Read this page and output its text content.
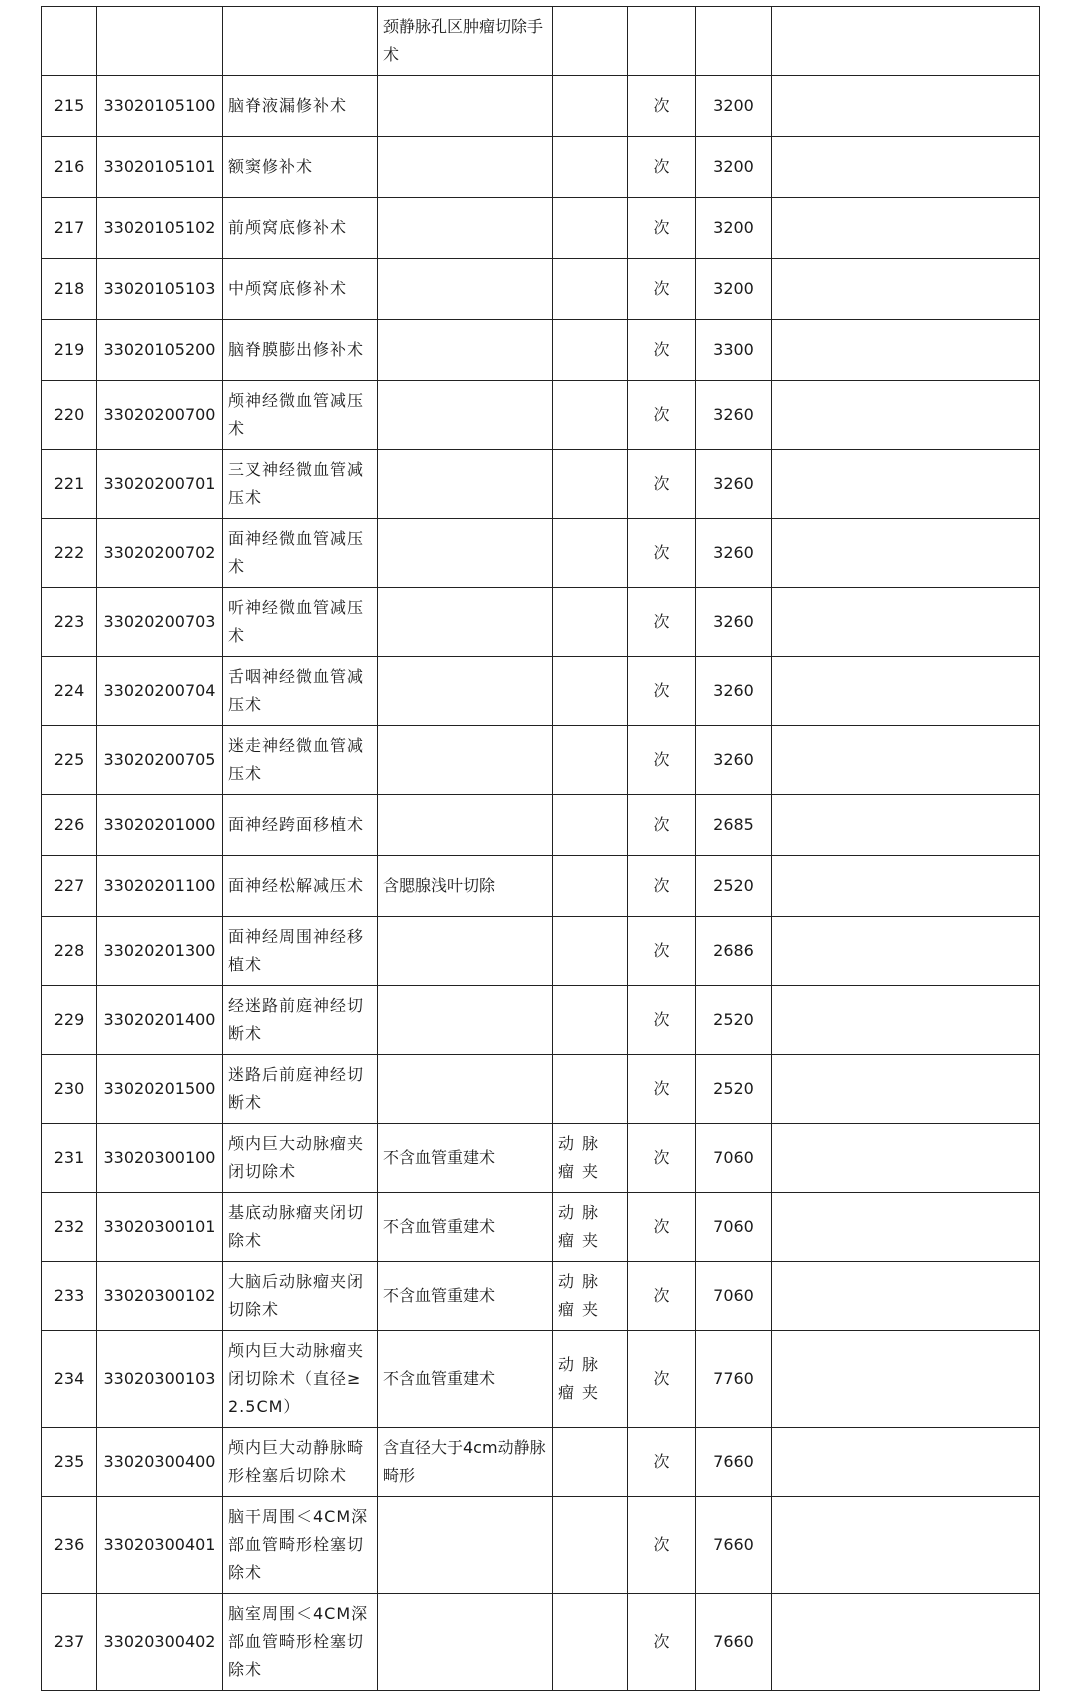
			颈静脉孔区肿瘤切除手术				
215	33020105100	脑脊液漏修补术			次	3200	
216	33020105101	额窦修补术			次	3200	
217	33020105102	前颅窝底修补术			次	3200	
218	33020105103	中颅窝底修补术			次	3200	
219	33020105200	脑脊膜膨出修补术			次	3300	
220	33020200700	颅神经微血管减压术			次	3260	
221	33020200701	三叉神经微血管减压术			次	3260	
222	33020200702	面神经微血管减压术			次	3260	
223	33020200703	听神经微血管减压术			次	3260	
224	33020200704	舌咽神经微血管减压术			次	3260	
225	33020200705	迷走神经微血管减压术			次	3260	
226	33020201000	面神经跨面移植术			次	2685	
227	33020201100	面神经松解减压术	含腮腺浅叶切除		次	2520	
228	33020201300	面神经周围神经移植术			次	2686	
229	33020201400	经迷路前庭神经切断术			次	2520	
230	33020201500	迷路后前庭神经切断术			次	2520	
231	33020300100	颅内巨大动脉瘤夹闭切除术	不含血管重建术	动脉瘤夹	次	7060	
232	33020300101	基底动脉瘤夹闭切除术	不含血管重建术	动脉瘤夹	次	7060	
233	33020300102	大脑后动脉瘤夹闭切除术	不含血管重建术	动脉瘤夹	次	7060	
234	33020300103	颅内巨大动脉瘤夹闭切除术（直径≥2.5CM）	不含血管重建术	动脉瘤夹	次	7760	
235	33020300400	颅内巨大动静脉畸形栓塞后切除术	含直径大于4cm动静脉畸形		次	7660	
236	33020300401	脑干周围＜4CM深部血管畸形栓塞切除术			次	7660	
237	33020300402	脑室周围＜4CM深部血管畸形栓塞切除术			次	7660	
